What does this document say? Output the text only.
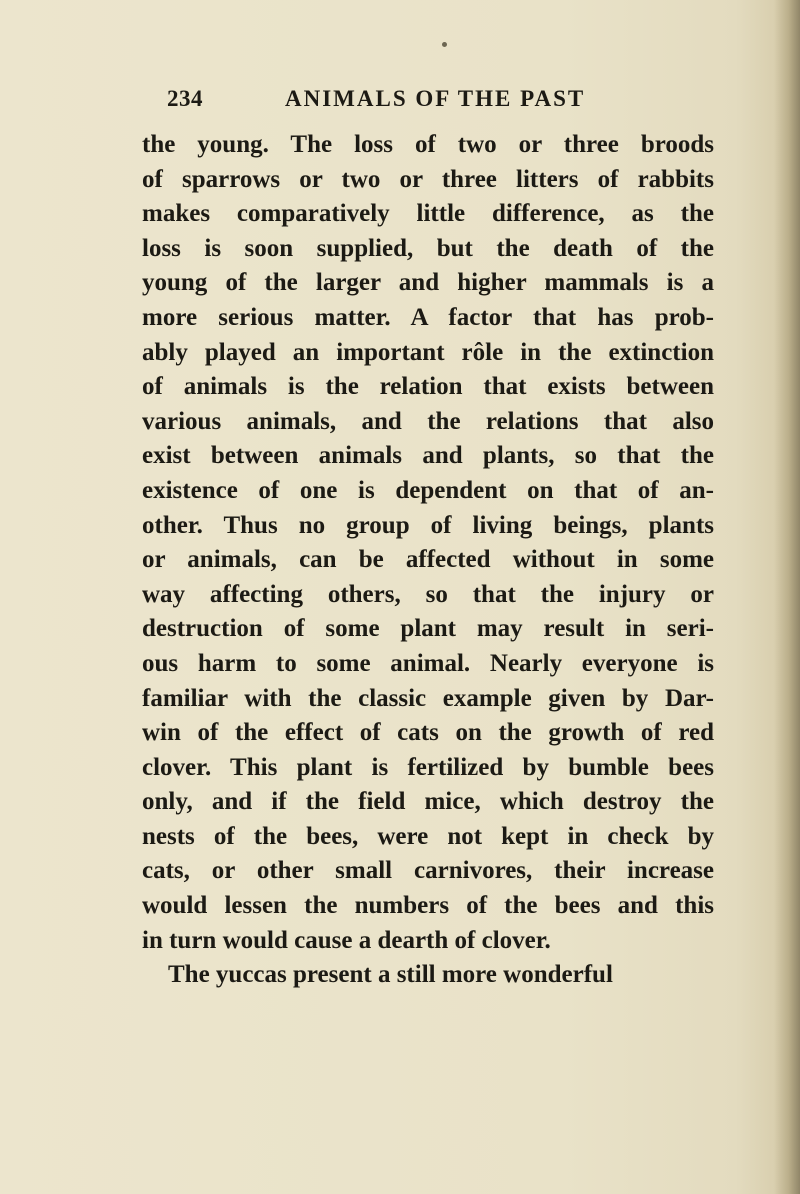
234	ANIMALS OF THE PAST
the young. The loss of two or three broods
of sparrows or two or three litters of rabbits
makes comparatively little difference, as the
loss is soon supplied, but the death of the
young of the larger and higher mammals is a
more serious matter. A factor that has prob-
ably played an important rôle in the extinction
of animals is the relation that exists between
various animals, and the relations that also
exist between animals and plants, so that the
existence of one is dependent on that of an-
other. Thus no group of living beings, plants
or animals, can be affected without in some
way affecting others, so that the injury or
destruction of some plant may result in seri-
ous harm to some animal. Nearly everyone is
familiar with the classic example given by Dar-
win of the effect of cats on the growth of red
clover. This plant is fertilized by bumble bees
only, and if the field mice, which destroy the
nests of the bees, were not kept in check by
cats, or other small carnivores, their increase
would lessen the numbers of the bees and this
in turn would cause a dearth of clover.
The yuccas present a still more wonderful
